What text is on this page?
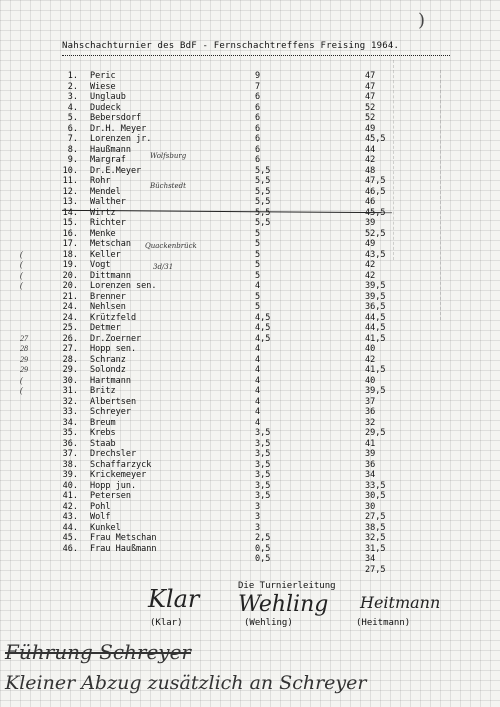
)
Nahschachturnier des BdF - Fernschachtreffens Freising 1964.
1. Peric	9	47
2. Wiese	7	47
3. Unglaub	6	47
4. Dudeck	6	52
5. Bebersdorf	6	52
6. Dr.H. Meyer	6	49
7. Lorenzen jr.	6	45,5
8. Haußmann	6	44
9. Margraf	6	42
10. Dr.E.Meyer	5,5	48
11. Rohr	5,5	47,5
12. Mendel	5,5	46,5
13. Walther	5,5	46
14. Wirtz	5,5	45,5
15. Richter	5,5	39
16. Menke	5	52,5
17. Metschan	5	49
(	18. Keller	5	43,5
(	19. Vogt	5	42
(	20. Dittmann	5	42
(	20. Lorenzen sen.	4	39,5
21. Brenner	5	39,5
24. Nehlsen	5	36,5
24. Krützfeld	4,5	44,5
25. Detmer	4,5	44,5
27	26. Dr.Zoerner	4,5	41,5
28	27. Hopp sen.	4	40
29	28. Schranz	4	42
29	29. Solondz	4	41,5
(	30. Hartmann	4	40
(	31. Britz	4	39,5
32. Albertsen	4	37
33. Schreyer	4	36
34. Breum	4	32
35. Krebs	3,5	29,5
36. Staab	3,5	41
37. Drechsler	3,5	39
38. Schaffarzyck	3,5	36
39. Krickemeyer	3,5	34
40. Hopp jun.	3,5	33,5
41. Petersen	3,5	30,5
42. Pohl	3	30
43. Wolf	3	27,5
44. Kunkel	3	38,5
45. Frau Metschan	2,5	32,5
46. Frau Haußmann	0,5	31,5
0,5	34
27,5
Wolfsburg
Büchstedt
Quackenbrück
3d/31
Die Turnierleitung
Klar Wehling Heitmann
(Klar)	(Wehling)	(Heitmann)
Führung Schreyer
Kleiner Abzug zusätzlich an Schreyer
